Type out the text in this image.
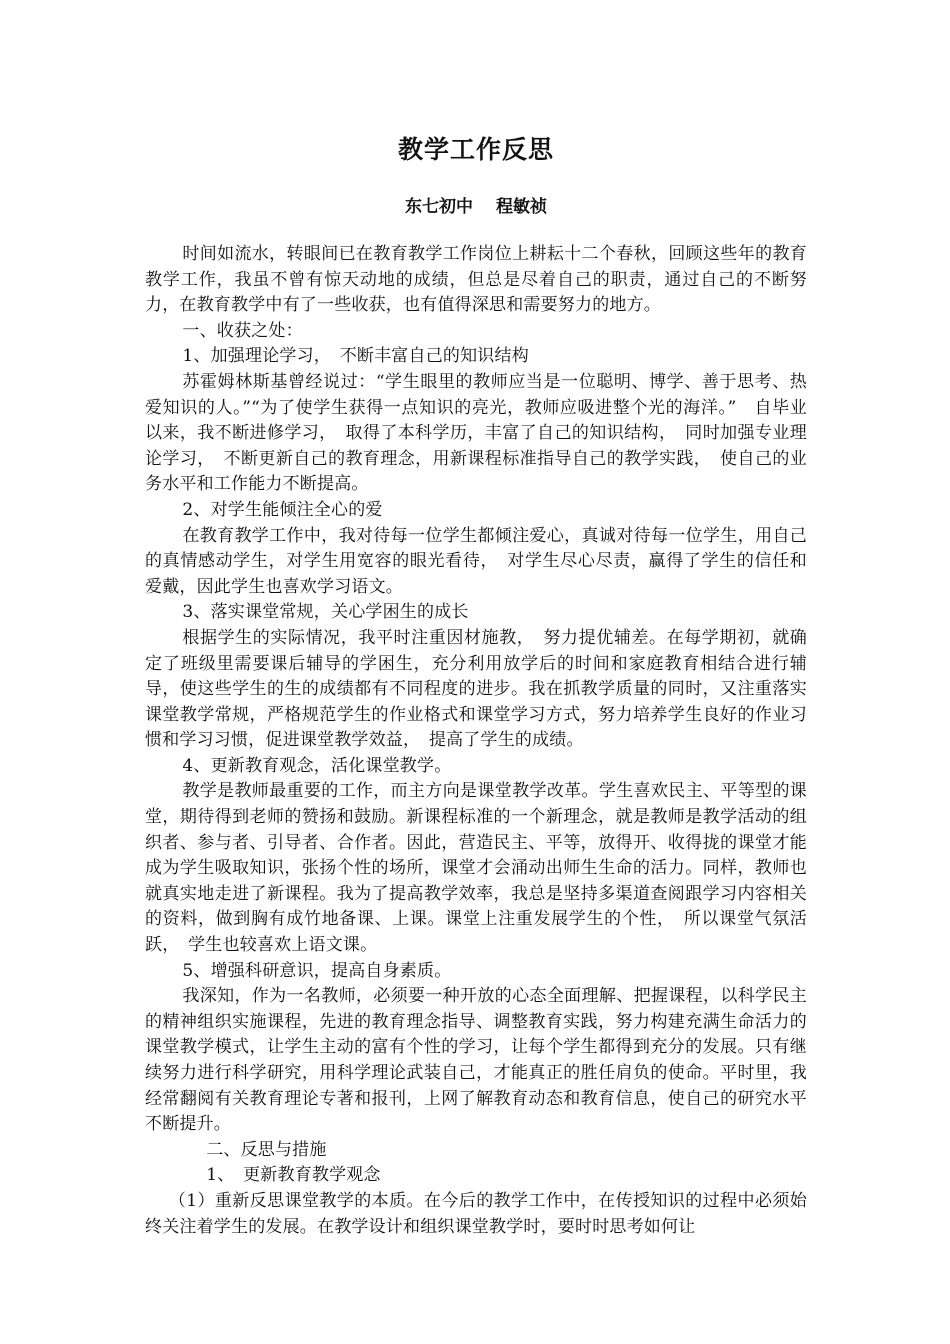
教学工作反思
东七初中　 程敏祯

时间如流水，转眼间已在教育教学工作岗位上耕耘十二个春秋，回顾这些年的教育教学工作，我虽不曾有惊天动地的成绩，但总是尽着自己的职责，通过自己的不断努力，在教育教学中有了一些收获，也有值得深思和需要努力的地方。

一、收获之处：

1、加强理论学习，　不断丰富自己的知识结构

苏霍姆林斯基曾经说过：“学生眼里的教师应当是一位聪明、博学、善于思考、热爱知识的人。”“为了使学生获得一点知识的亮光，教师应吸进整个光的海洋。”　自毕业以来，我不断进修学习，　取得了本科学历，丰富了自己的知识结构，　同时加强专业理论学习，　不断更新自己的教育理念，用新课程标准指导自己的教学实践，　使自己的业务水平和工作能力不断提高。

2、对学生能倾注全心的爱

在教育教学工作中，我对待每一位学生都倾注爱心，真诚对待每一位学生，用自己的真情感动学生，对学生用宽容的眼光看待，　对学生尽心尽责，赢得了学生的信任和爱戴，因此学生也喜欢学习语文。

3、落实课堂常规，关心学困生的成长

根据学生的实际情况，我平时注重因材施教，　努力提优辅差。在每学期初，就确定了班级里需要课后辅导的学困生，充分利用放学后的时间和家庭教育相结合进行辅导，使这些学生的生的成绩都有不同程度的进步。我在抓教学质量的同时，又注重落实课堂教学常规，严格规范学生的作业格式和课堂学习方式，努力培养学生良好的作业习惯和学习习惯，促进课堂教学效益，　提高了学生的成绩。

4、更新教育观念，活化课堂教学。

教学是教师最重要的工作，而主方向是课堂教学改革。学生喜欢民主、平等型的课堂，期待得到老师的赞扬和鼓励。新课程标准的一个新理念，就是教师是教学活动的组织者、参与者、引导者、合作者。因此，营造民主、平等，放得开、收得拢的课堂才能成为学生吸取知识，张扬个性的场所，课堂才会涌动出师生生命的活力。同样，教师也就真实地走进了新课程。我为了提高教学效率，我总是坚持多渠道查阅跟学习内容相关的资料，做到胸有成竹地备课、上课。课堂上注重发展学生的个性，　所以课堂气氛活跃，　学生也较喜欢上语文课。

5、增强科研意识，提高自身素质。

我深知，作为一名教师，必须要一种开放的心态全面理解、把握课程，以科学民主的精神组织实施课程，先进的教育理念指导、调整教育实践，努力构建充满生命活力的课堂教学模式，让学生主动的富有个性的学习，让每个学生都得到充分的发展。只有继续努力进行科学研究，用科学理论武装自己，才能真正的胜任肩负的使命。平时里，我经常翻阅有关教育理论专著和报刊，上网了解教育动态和教育信息，使自己的研究水平不断提升。

二、反思与措施

1、　更新教育教学观念

（1）重新反思课堂教学的本质。在今后的教学工作中，在传授知识的过程中必须始终关注着学生的发展。在教学设计和组织课堂教学时，要时时思考如何让
